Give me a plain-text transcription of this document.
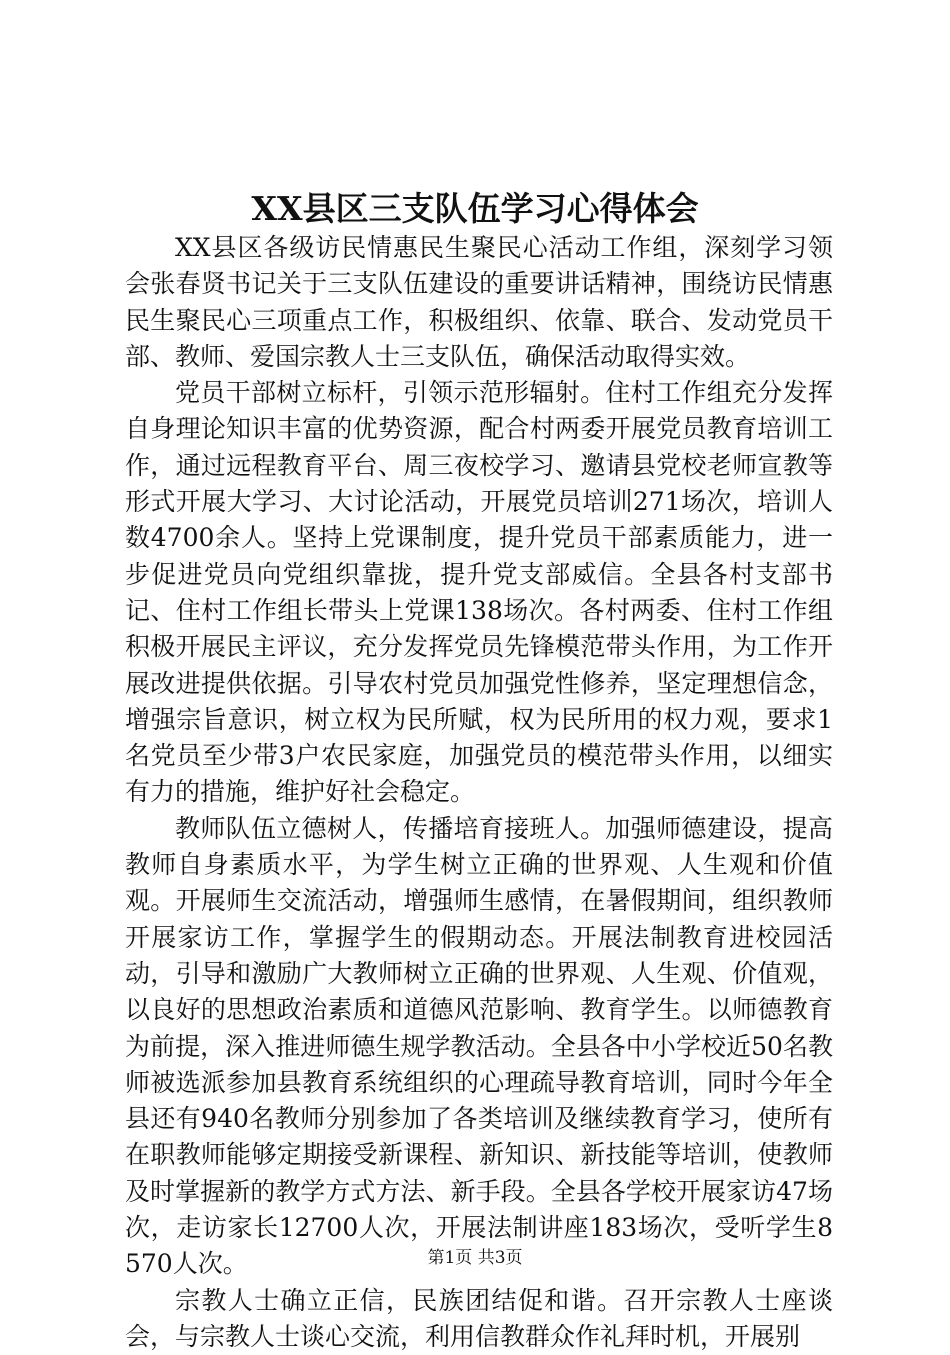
XX县区三支队伍学习心得体会

XX县区各级访民情惠民生聚民心活动工作组，深刻学习领会张春贤书记关于三支队伍建设的重要讲话精神，围绕访民情惠民生聚民心三项重点工作，积极组织、依靠、联合、发动党员干部、教师、爱国宗教人士三支队伍，确保活动取得实效。

党员干部树立标杆，引领示范形辐射。住村工作组充分发挥自身理论知识丰富的优势资源，配合村两委开展党员教育培训工作，通过远程教育平台、周三夜校学习、邀请县党校老师宣教等形式开展大学习、大讨论活动，开展党员培训271场次，培训人数4700余人。坚持上党课制度，提升党员干部素质能力，进一步促进党员向党组织靠拢，提升党支部威信。全县各村支部书记、住村工作组长带头上党课138场次。各村两委、住村工作组积极开展民主评议，充分发挥党员先锋模范带头作用，为工作开展改进提供依据。引导农村党员加强党性修养，坚定理想信念，增强宗旨意识，树立权为民所赋，权为民所用的权力观，要求1名党员至少带3户农民家庭，加强党员的模范带头作用，以细实有力的措施，维护好社会稳定。

教师队伍立德树人，传播培育接班人。加强师德建设，提高教师自身素质水平，为学生树立正确的世界观、人生观和价值观。开展师生交流活动，增强师生感情，在暑假期间，组织教师开展家访工作，掌握学生的假期动态。开展法制教育进校园活动，引导和激励广大教师树立正确的世界观、人生观、价值观，以良好的思想政治素质和道德风范影响、教育学生。以师德教育为前提，深入推进师德生规学教活动。全县各中小学校近50名教师被选派参加县教育系统组织的心理疏导教育培训，同时今年全县还有940名教师分别参加了各类培训及继续教育学习，使所有在职教师能够定期接受新课程、新知识、新技能等培训，使教师及时掌握新的教学方式方法、新手段。全县各学校开展家访47场次，走访家长12700人次，开展法制讲座183场次，受听学生8570人次。

宗教人士确立正信，民族团结促和谐。召开宗教人士座谈会，与宗教人士谈心交流，利用信教群众作礼拜时机，开展别

第1页 共3页
